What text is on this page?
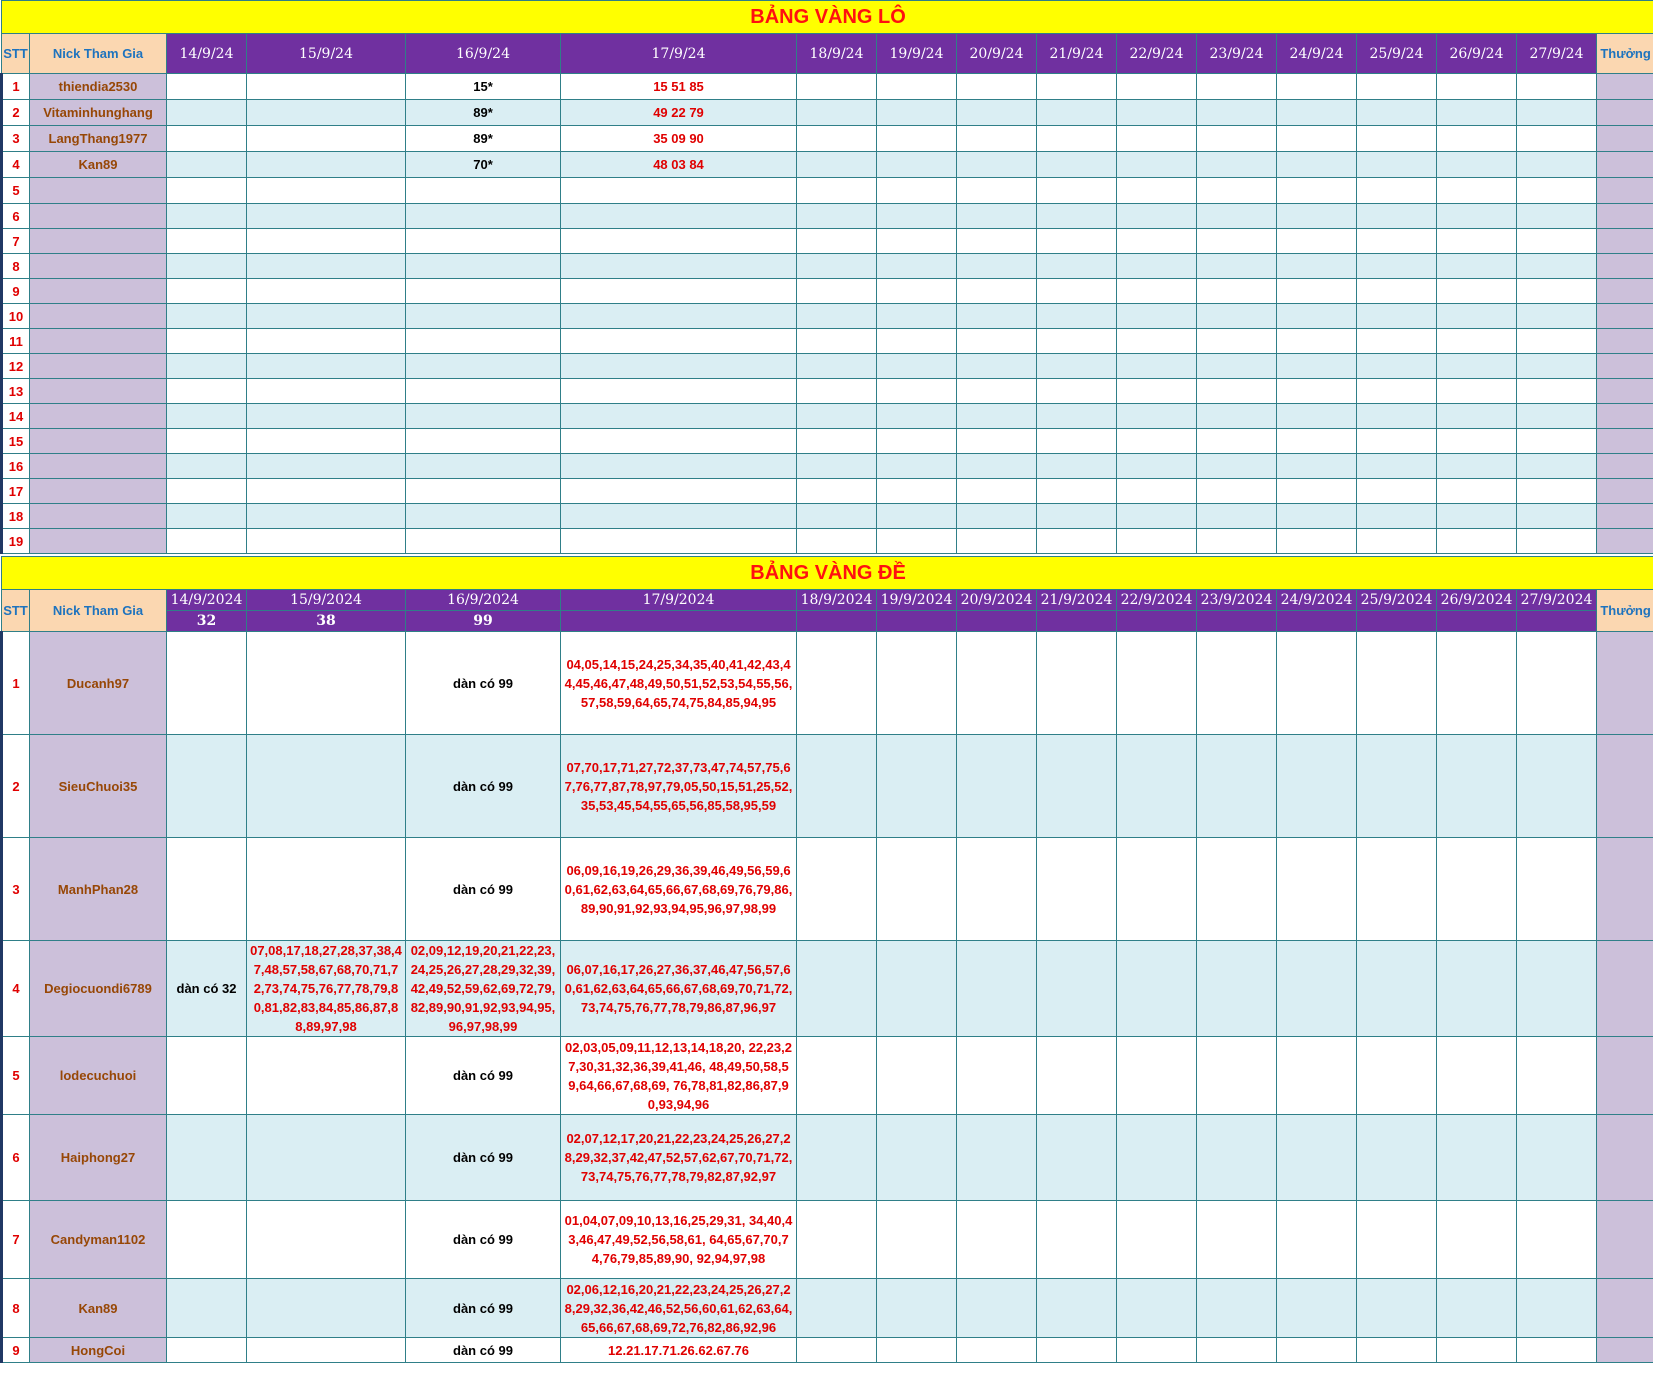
BẢNG VÀNG LÔ																
STT	Nick Tham Gia	14/9/24	15/9/24	16/9/24	17/9/24	18/9/24	19/9/24	20/9/24	21/9/24	22/9/24	23/9/24	24/9/24	25/9/24	26/9/24	27/9/24	Thưởng
1	thiendia2530			15*	15 51 85											
2	Vitaminhunghang			89*	49 22 79											
3	LangThang1977			89*	35 09 90											
4	Kan89			70*	48 03 84											
5																
6																
7																
8																
9																
10																
11																
12																
13																
14																
15																
16																
17																
18																
19																
BẢNG VÀNG ĐỀ																
STT	Nick Tham Gia	14/9/2024	15/9/2024	16/9/2024	17/9/2024	18/9/2024	19/9/2024	20/9/2024	21/9/2024	22/9/2024	23/9/2024	24/9/2024	25/9/2024	26/9/2024	27/9/2024	Thưởng
		32	38	99												
1	Ducanh97			dàn có 99	04,05,14,15,24,25,34,35,40,41,42,43,44,45,46,47,48,49,50,51,52,53,54,55,56,57,58,59,64,65,74,75,84,85,94,95											
2	SieuChuoi35			dàn có 99	07,70,17,71,27,72,37,73,47,74,57,75,67,76,77,87,78,97,79,05,50,15,51,25,52,35,53,45,54,55,65,56,85,58,95,59											
3	ManhPhan28			dàn có 99	06,09,16,19,26,29,36,39,46,49,56,59,60,61,62,63,64,65,66,67,68,69,76,79,86,89,90,91,92,93,94,95,96,97,98,99											
4	Degiocuondi6789	dàn có 32	07,08,17,18,27,28,37,38,47,48,57,58,67,68,70,71,72,73,74,75,76,77,78,79,80,81,82,83,84,85,86,87,88,89,97,98	02,09,12,19,20,21,22,23,24,25,26,27,28,29,32,39,42,49,52,59,62,69,72,79,82,89,90,91,92,93,94,95,96,97,98,99	06,07,16,17,26,27,36,37,46,47,56,57,60,61,62,63,64,65,66,67,68,69,70,71,72,73,74,75,76,77,78,79,86,87,96,97											
5	lodecuchuoi			dàn có 99	02,03,05,09,11,12,13,14,18,20, 22,23,27,30,31,32,36,39,41,46, 48,49,50,58,59,64,66,67,68,69, 76,78,81,82,86,87,90,93,94,96											
6	Haiphong27			dàn có 99	02,07,12,17,20,21,22,23,24,25,26,27,28,29,32,37,42,47,52,57,62,67,70,71,72,73,74,75,76,77,78,79,82,87,92,97											
7	Candyman1102			dàn có 99	01,04,07,09,10,13,16,25,29,31, 34,40,43,46,47,49,52,56,58,61, 64,65,67,70,74,76,79,85,89,90, 92,94,97,98											
8	Kan89			dàn có 99	02,06,12,16,20,21,22,23,24,25,26,27,28,29,32,36,42,46,52,56,60,61,62,63,64,65,66,67,68,69,72,76,82,86,92,96											
9	HongCoi			dàn có 99	12.21.17.71.26.62.67.76											
